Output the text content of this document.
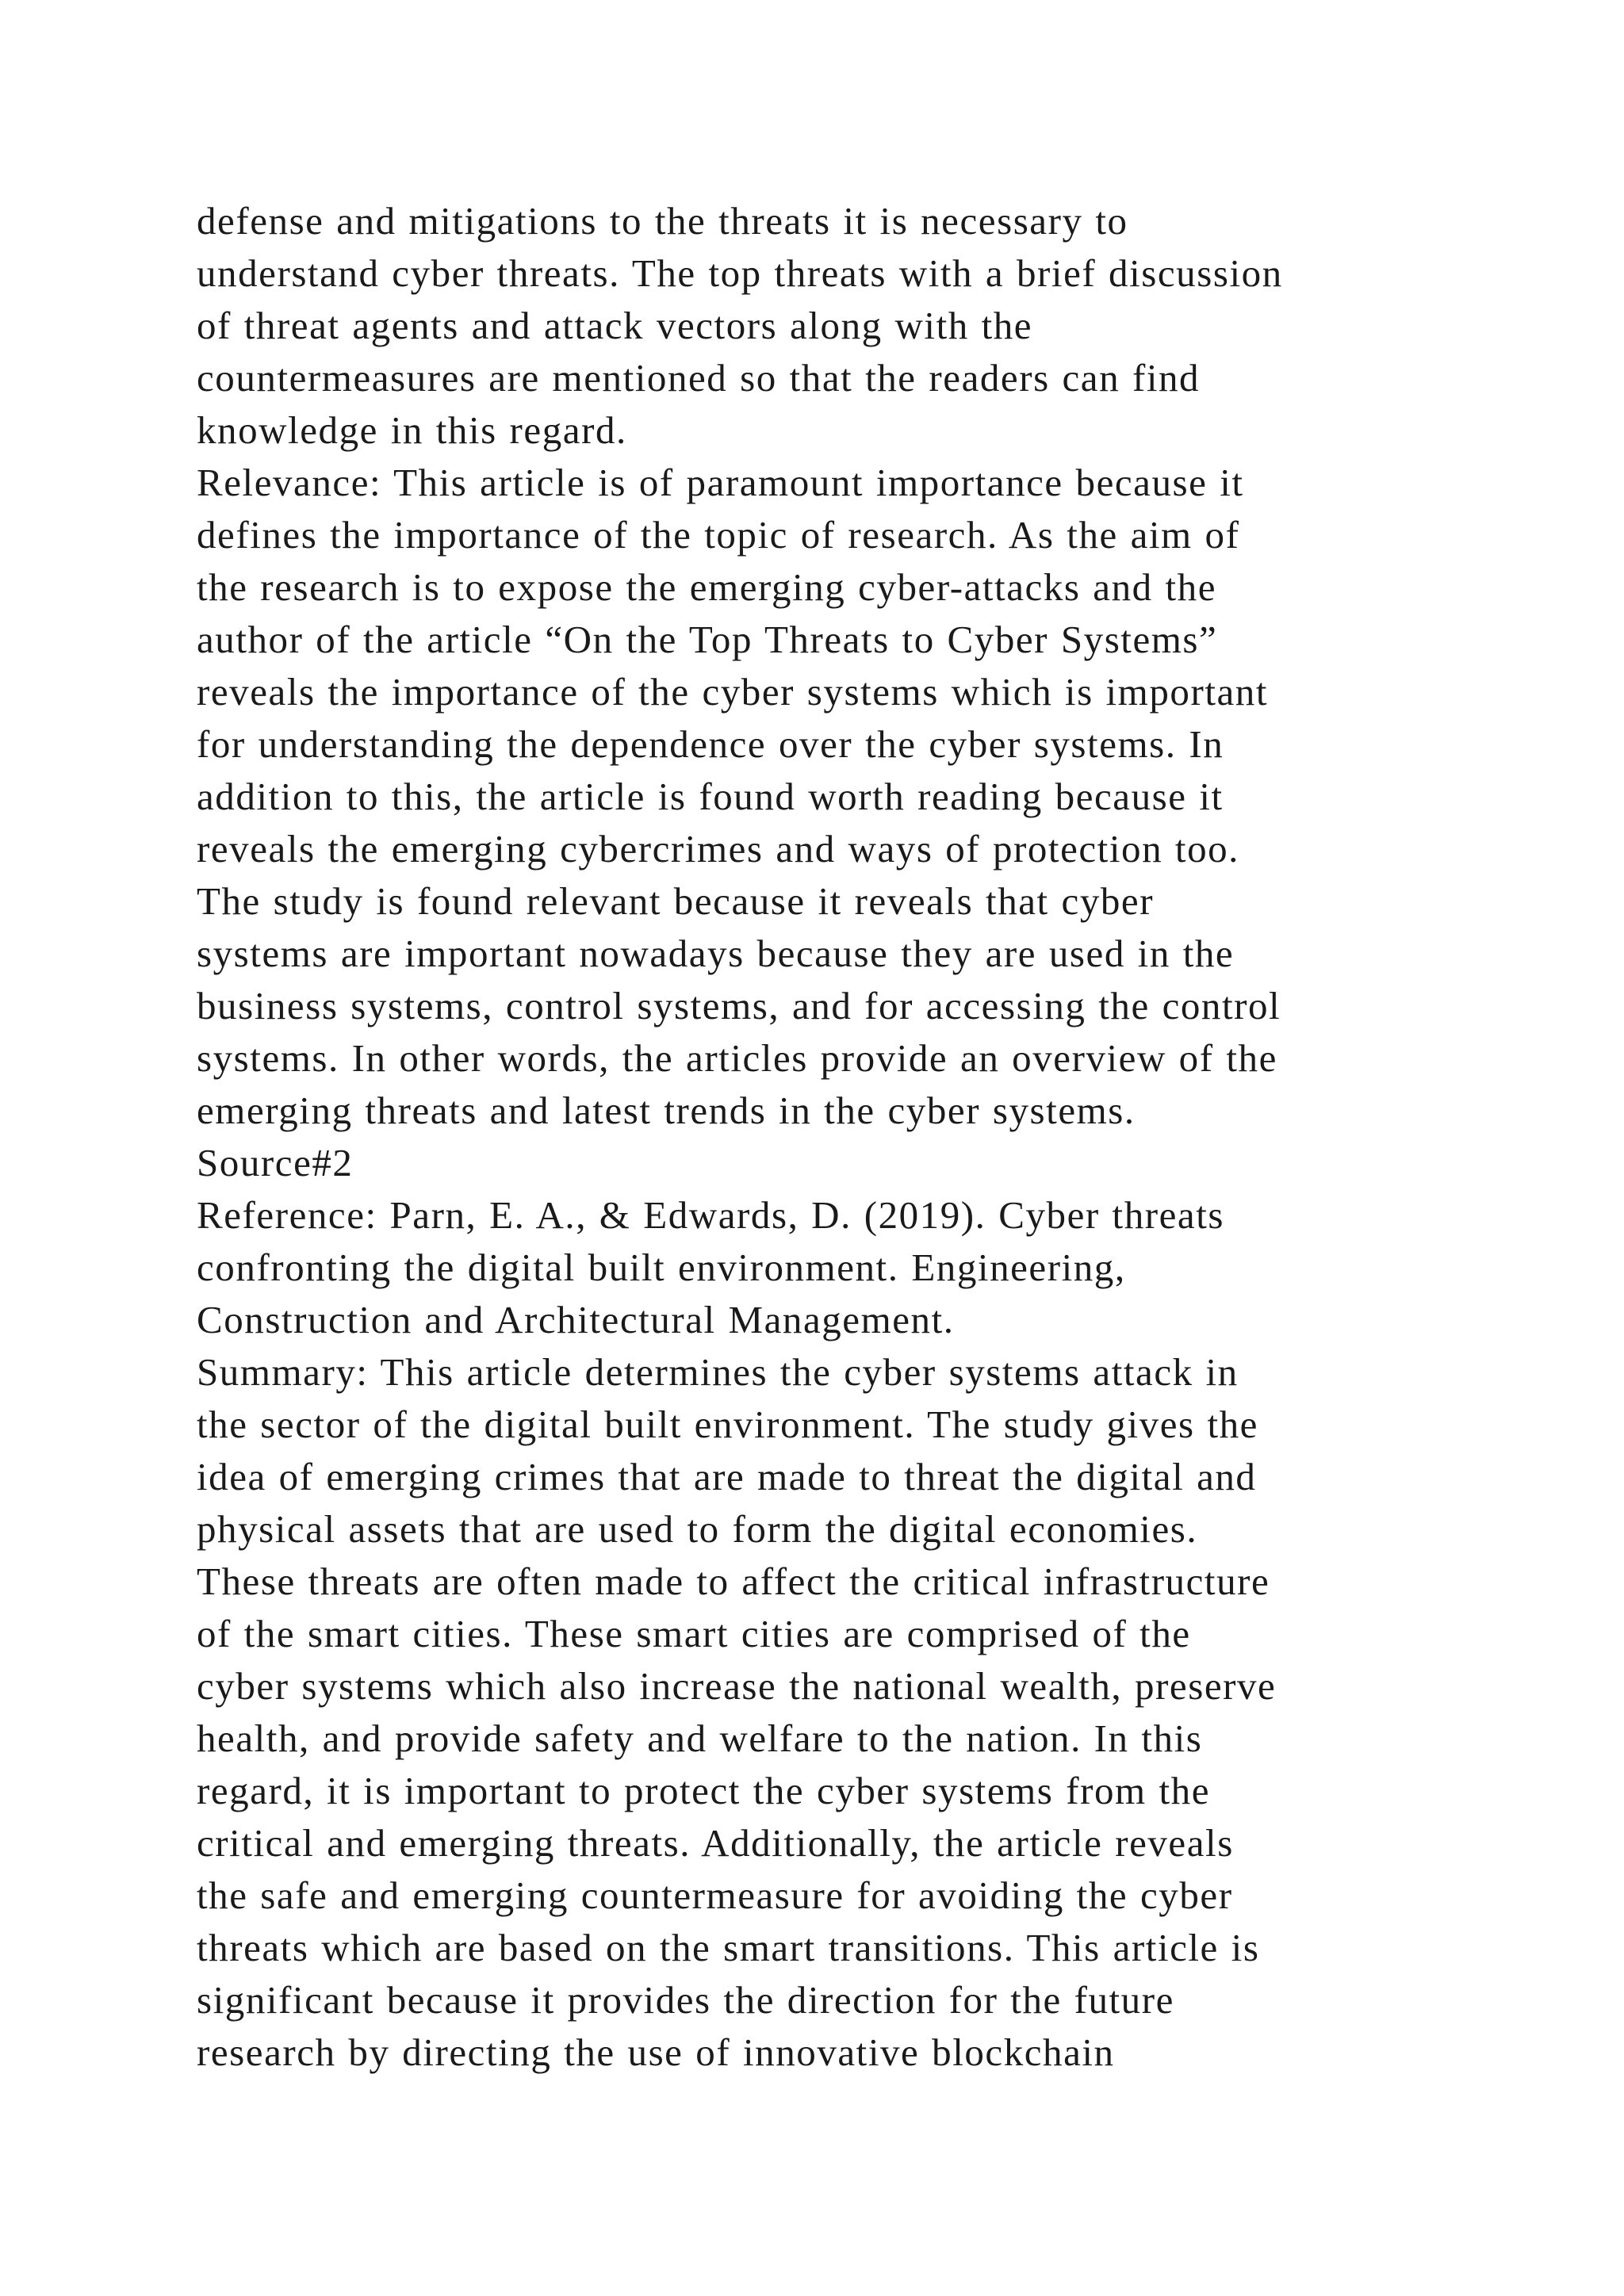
defense and mitigations to the threats it is necessary to
understand cyber threats. The top threats with a brief discussion
of threat agents and attack vectors along with the
countermeasures are mentioned so that the readers can find
knowledge in this regard.
Relevance: This article is of paramount importance because it
defines the importance of the topic of research. As the aim of
the research is to expose the emerging cyber-attacks and the
author of the article “On the Top Threats to Cyber Systems”
reveals the importance of the cyber systems which is important
for understanding the dependence over the cyber systems. In
addition to this, the article is found worth reading because it
reveals the emerging cybercrimes and ways of protection too.
The study is found relevant because it reveals that cyber
systems are important nowadays because they are used in the
business systems, control systems, and for accessing the control
systems. In other words, the articles provide an overview of the
emerging threats and latest trends in the cyber systems.
Source#2
Reference: Parn, E. A., & Edwards, D. (2019). Cyber threats
confronting the digital built environment. Engineering,
Construction and Architectural Management.
Summary: This article determines the cyber systems attack in
the sector of the digital built environment. The study gives the
idea of emerging crimes that are made to threat the digital and
physical assets that are used to form the digital economies.
These threats are often made to affect the critical infrastructure
of the smart cities. These smart cities are comprised of the
cyber systems which also increase the national wealth, preserve
health, and provide safety and welfare to the nation. In this
regard, it is important to protect the cyber systems from the
critical and emerging threats. Additionally, the article reveals
the safe and emerging countermeasure for avoiding the cyber
threats which are based on the smart transitions. This article is
significant because it provides the direction for the future
research by directing the use of innovative blockchain
